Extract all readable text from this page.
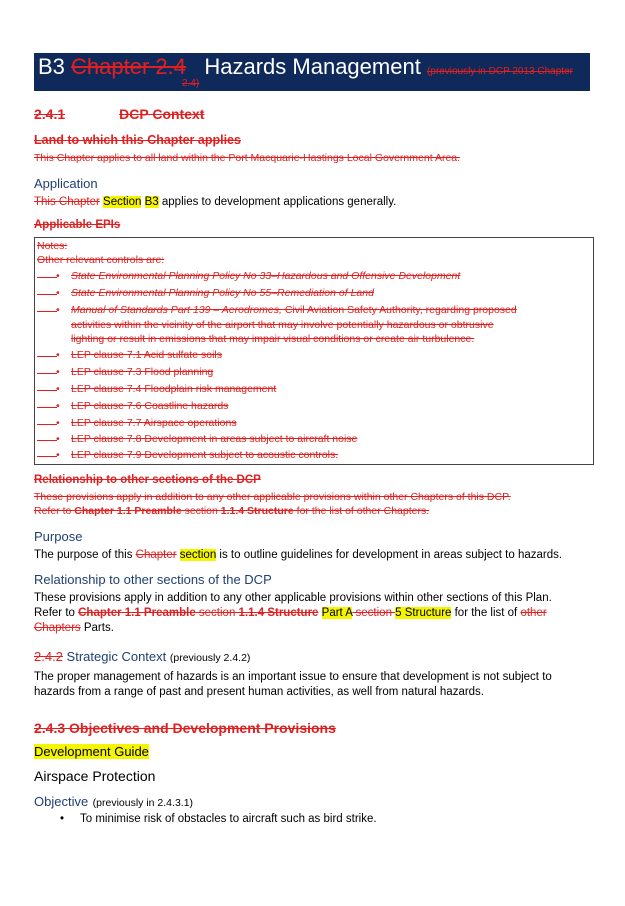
B3 Chapter 2.4 Hazards Management (previously in DCP 2013 Chapter
2.4)
2.4.1	DCP Context
Land to which this Chapter applies
This Chapter applies to all land within the Port Macquarie-Hastings Local Government Area.
Application
This Chapter Section B3 applies to development applications generally.
Applicable EPIs
Notes:
Other relevant controls are:
• State Environmental Planning Policy No 33–Hazardous and Offensive Development
• State Environmental Planning Policy No 55–Remediation of Land
• Manual of Standards Part 139 – Aerodromes, Civil Aviation Safety Authority, regarding proposed
activities within the vicinity of the airport that may involve potentially hazardous or obtrusive
lighting or result in emissions that may impair visual conditions or create air turbulence.
• LEP clause 7.1 Acid sulfate soils
• LEP clause 7.3 Flood planning
• LEP clause 7.4 Floodplain risk management
• LEP clause 7.6 Coastline hazards
• LEP clause 7.7 Airspace operations
• LEP clause 7.8 Development in areas subject to aircraft noise
• LEP clause 7.9 Development subject to acoustic controls.
Relationship to other sections of the DCP
These provisions apply in addition to any other applicable provisions within other Chapters of this DCP.
Refer to Chapter 1.1 Preamble section 1.1.4 Structure for the list of other Chapters.
Purpose
The purpose of this Chapter section is to outline guidelines for development in areas subject to hazards.
Relationship to other sections of the DCP
These provisions apply in addition to any other applicable provisions within other sections of this Plan.
Refer to Chapter 1.1 Preamble section 1.1.4 Structure Part A section 5 Structure for the list of other
Chapters Parts.
2.4.2 Strategic Context (previously 2.4.2)
The proper management of hazards is an important issue to ensure that development is not subject to
hazards from a range of past and present human activities, as well from natural hazards.
2.4.3 Objectives and Development Provisions
Development Guide
Airspace Protection
Objective (previously in 2.4.3.1)
• To minimise risk of obstacles to aircraft such as bird strike.
